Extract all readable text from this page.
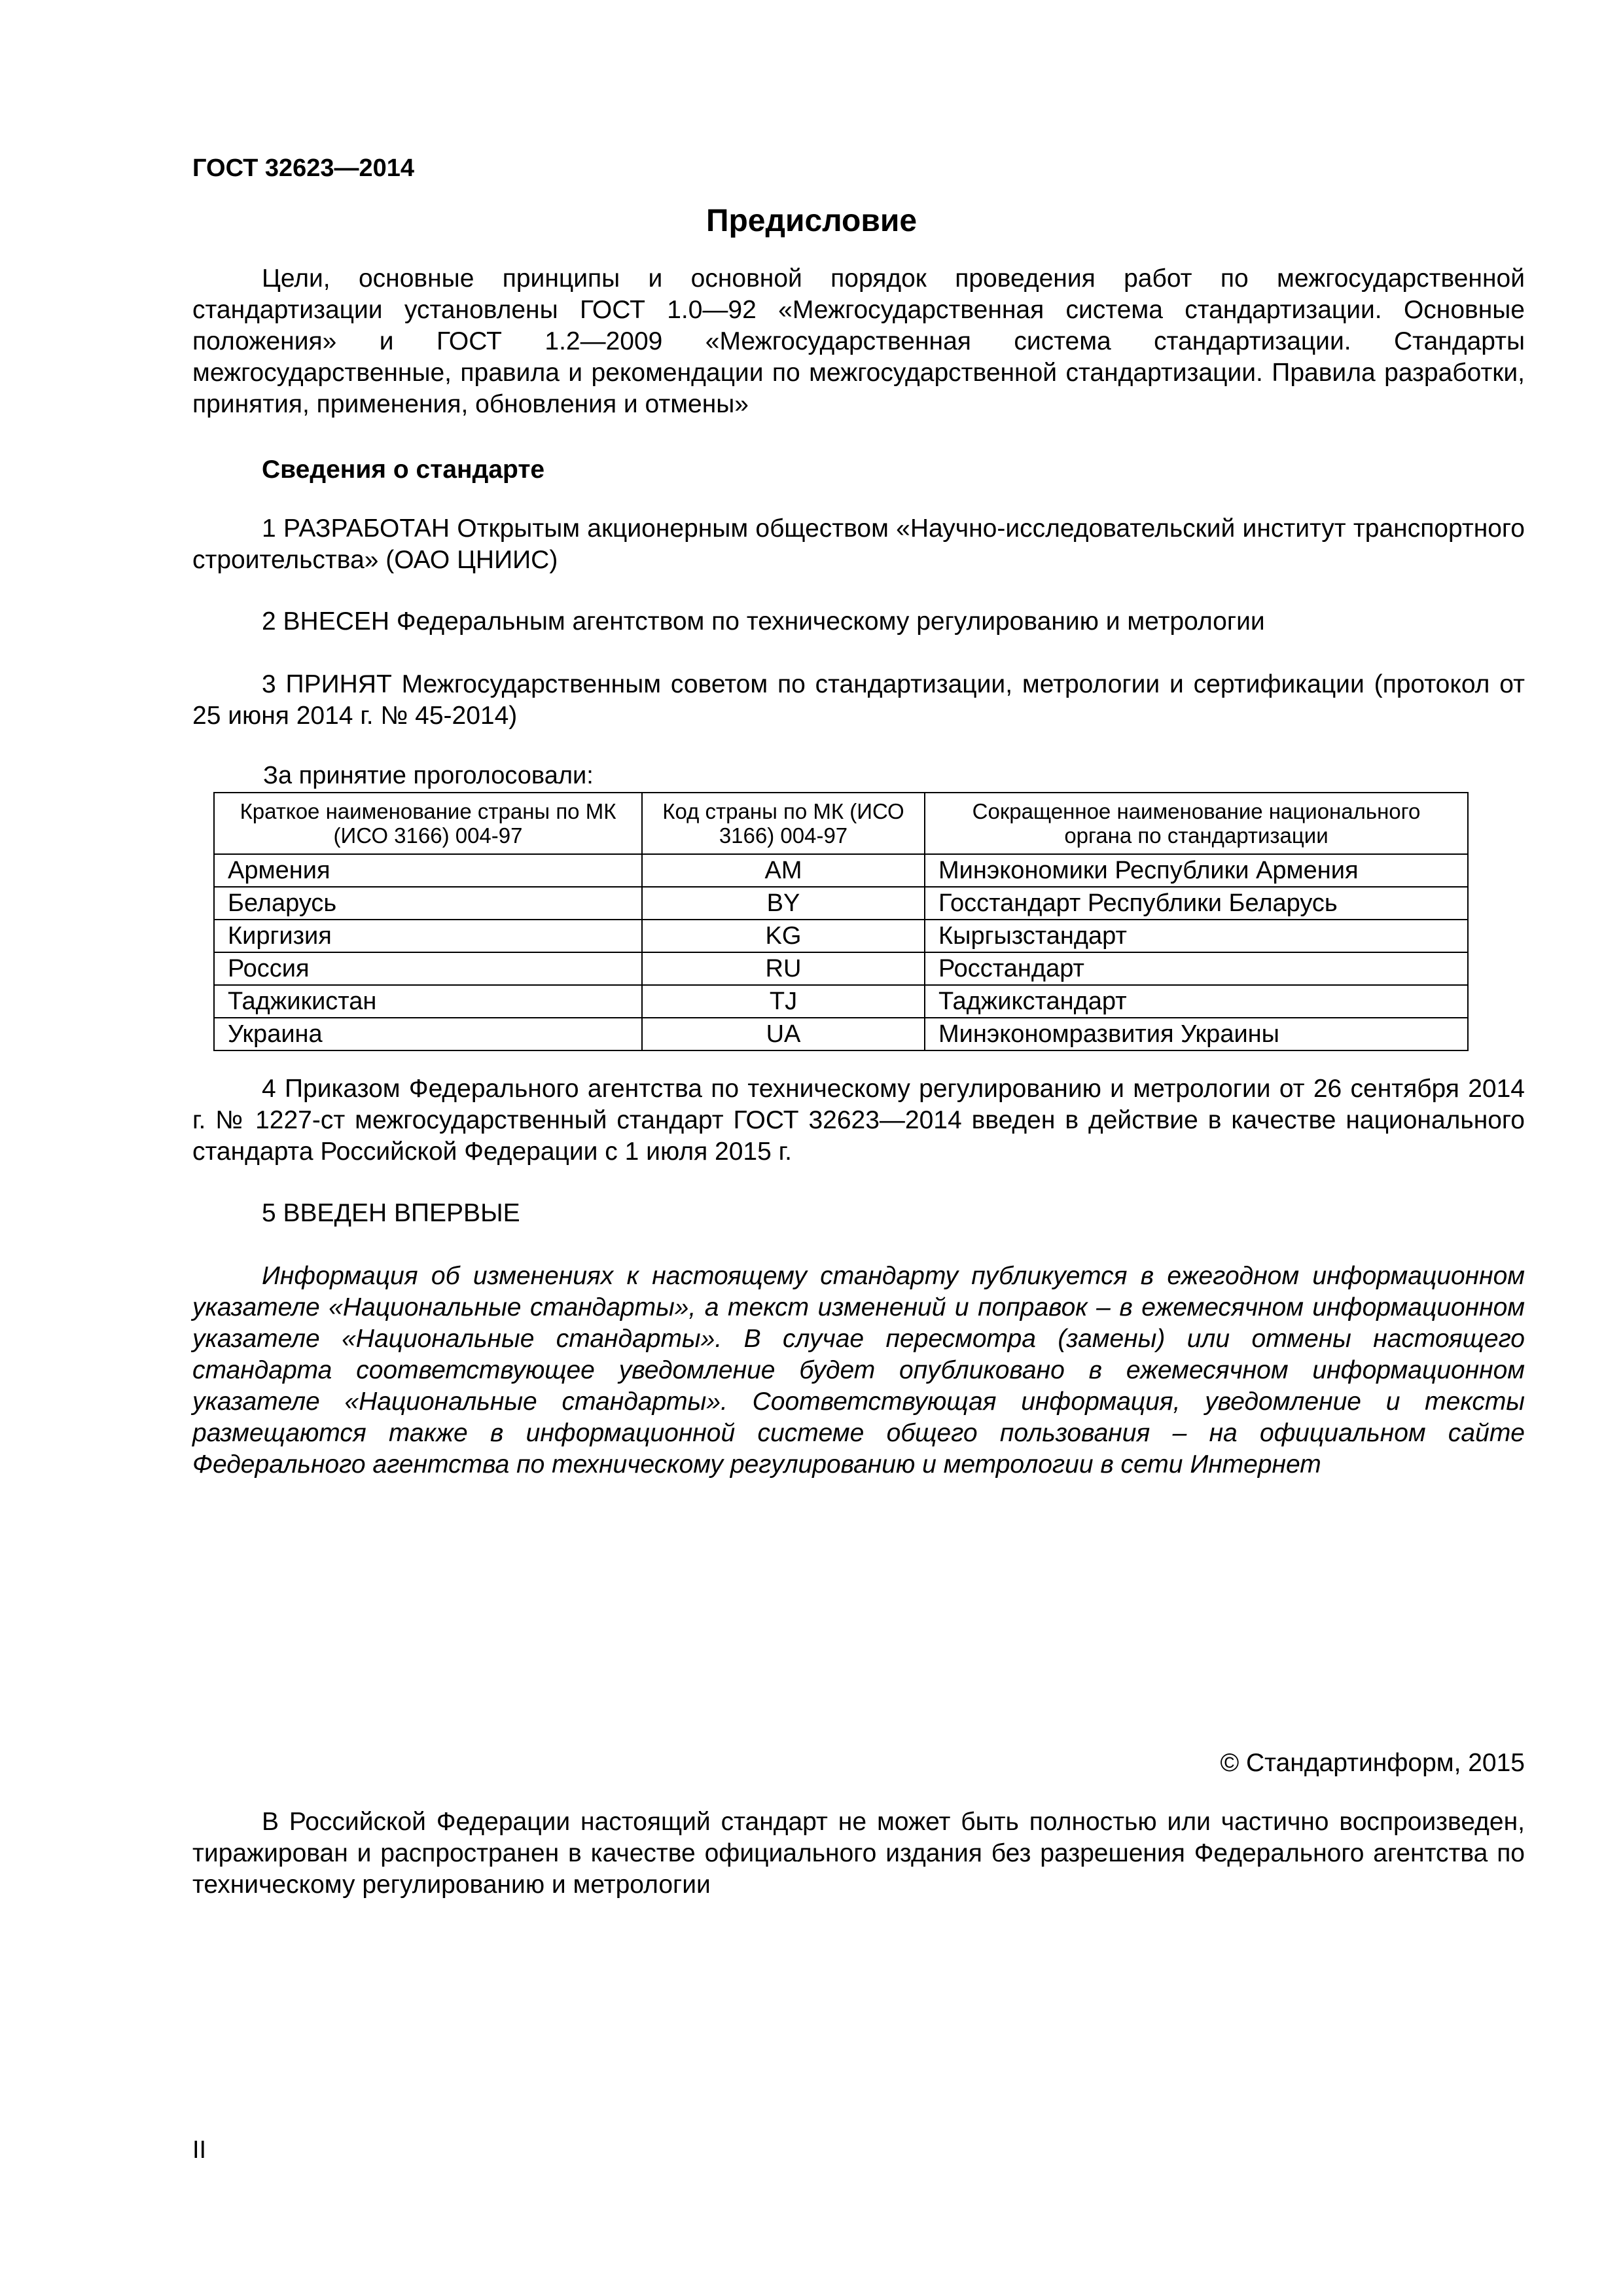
ГОСТ 32623—2014

Предисловие

Цели, основные принципы и основной порядок проведения работ по межгосударственной стандартизации установлены ГОСТ 1.0—92 «Межгосударственная система стандартизации. Основные положения» и ГОСТ 1.2—2009 «Межгосударственная система стандартизации. Стандарты межгосударственные, правила и рекомендации по межгосударственной стандартизации. Правила разработки, принятия, применения, обновления и отмены»

Сведения о стандарте

1 РАЗРАБОТАН Открытым акционерным обществом «Научно-исследовательский институт транспортного строительства» (ОАО ЦНИИС)

2 ВНЕСЕН Федеральным агентством по техническому регулированию и метрологии

3 ПРИНЯТ Межгосударственным советом по стандартизации, метрологии и сертификации (протокол от 25 июня 2014 г. № 45-2014)

За принятие проголосовали:

Краткое наименование страны по МК (ИСО 3166) 004-97	Код страны по МК (ИСО 3166) 004-97	Сокращенное наименование национального органа по стандартизации
Армения	AM	Минэкономики Республики Армения
Беларусь	BY	Госстандарт Республики Беларусь
Киргизия	KG	Кыргызстандарт
Россия	RU	Росстандарт
Таджикистан	TJ	Таджикстандарт
Украина	UA	Минэкономразвития Украины

4 Приказом Федерального агентства по техническому регулированию и метрологии от 26 сентября 2014 г. № 1227-ст межгосударственный стандарт ГОСТ 32623—2014 введен в действие в качестве национального стандарта Российской Федерации с 1 июля 2015 г.

5 ВВЕДЕН ВПЕРВЫЕ

Информация об изменениях к настоящему стандарту публикуется в ежегодном информационном указателе «Национальные стандарты», а текст изменений и поправок – в ежемесячном информационном указателе «Национальные стандарты». В случае пересмотра (замены) или отмены настоящего стандарта соответствующее уведомление будет опубликовано в ежемесячном информационном указателе «Национальные стандарты». Соответствующая информация, уведомление и тексты размещаются также в информационной системе общего пользования – на официальном сайте Федерального агентства по техническому регулированию и метрологии в сети Интернет

© Стандартинформ, 2015

В Российской Федерации настоящий стандарт не может быть полностью или частично воспроизведен, тиражирован и распространен в качестве официального издания без разрешения Федерального агентства по техническому регулированию и метрологии

II
